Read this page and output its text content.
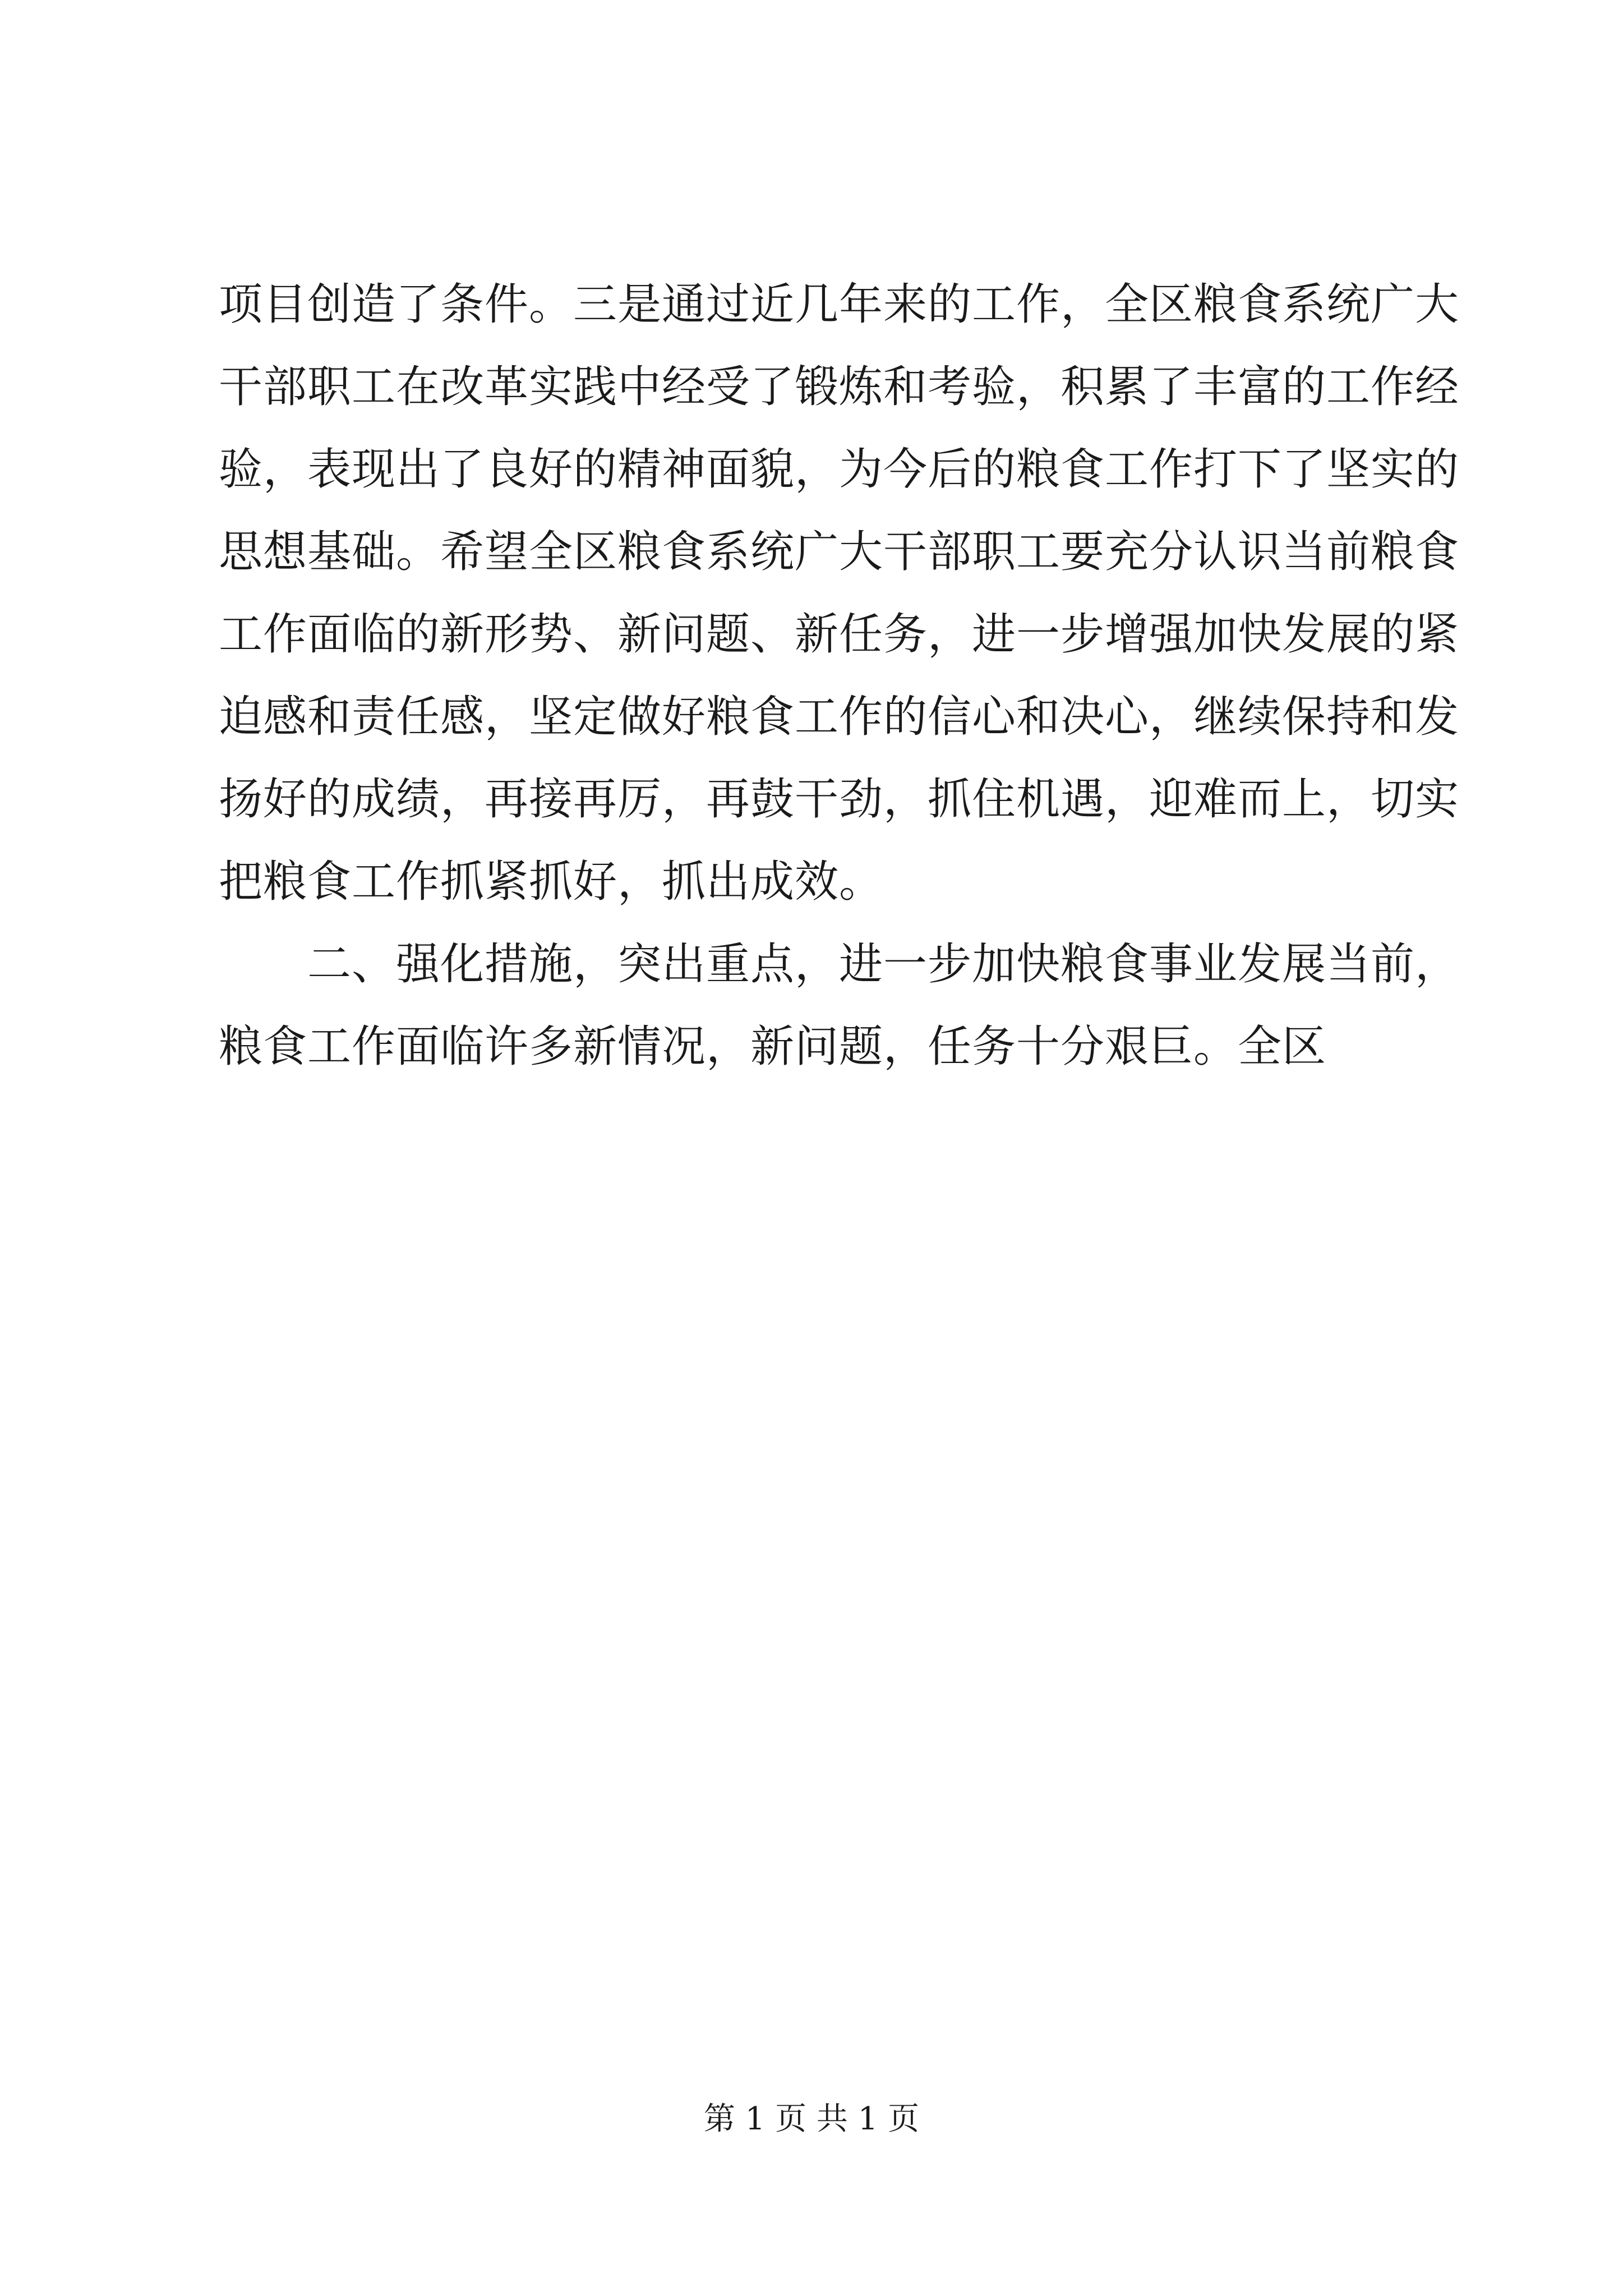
项目创造了条件。三是通过近几年来的工作，全区粮食系统广大
干部职工在改革实践中经受了锻炼和考验，积累了丰富的工作经
验，表现出了良好的精神面貌，为今后的粮食工作打下了坚实的
思想基础。希望全区粮食系统广大干部职工要充分认识当前粮食
工作面临的新形势、新问题、新任务，进一步增强加快发展的紧
迫感和责任感，坚定做好粮食工作的信心和决心，继续保持和发
扬好的成绩，再接再厉，再鼓干劲，抓住机遇，迎难而上，切实
把粮食工作抓紧抓好，抓出成效。
二、强化措施，突出重点，进一步加快粮食事业发展当前，
粮食工作面临许多新情况，新问题，任务十分艰巨。全区
第 1 页 共 1 页
